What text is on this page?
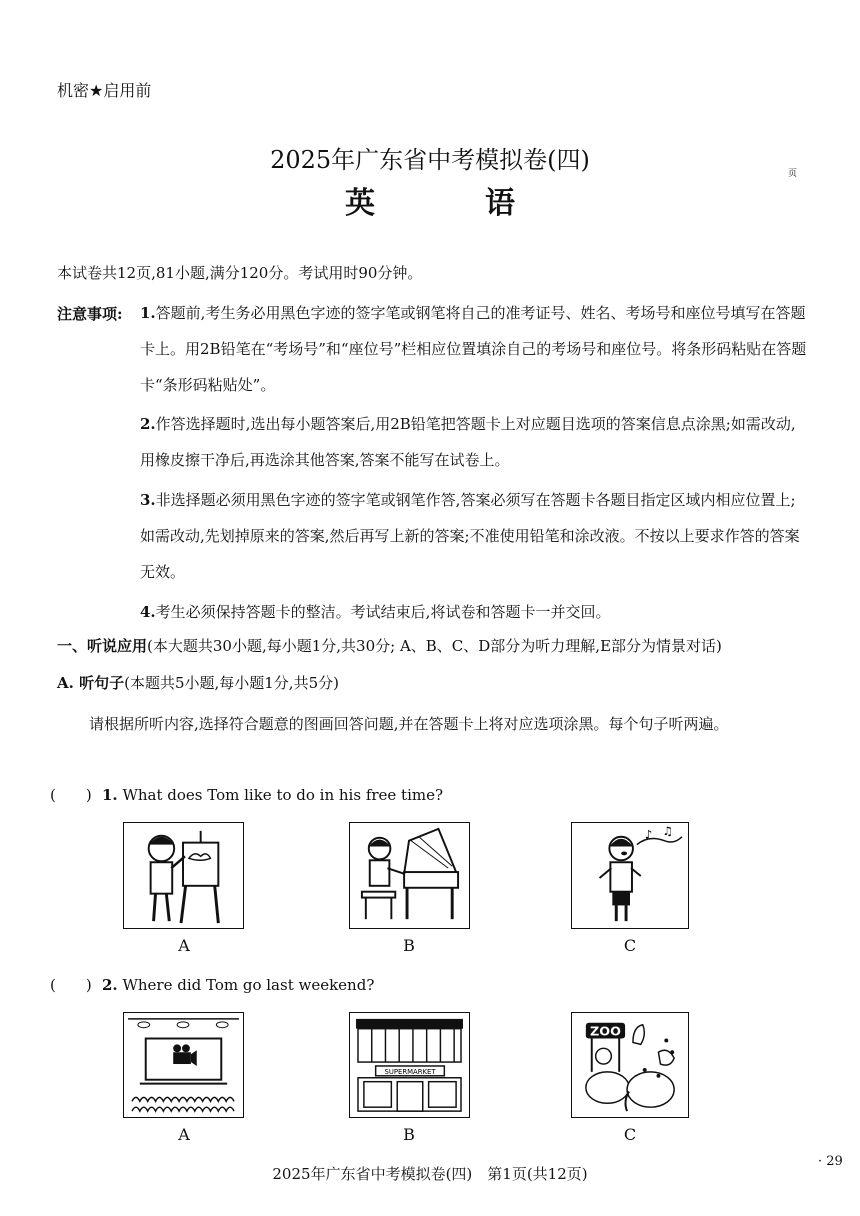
机密★启用前
2025年广东省中考模拟卷(四)
英　语
页
本试卷共12页,81小题,满分120分。考试用时90分钟。
注意事项: 1.答题前,考生务必用黑色字迹的签字笔或钢笔将自己的准考证号、姓名、考场号和座位号填写在答题卡上。用2B铅笔在“考场号”和“座位号”栏相应位置填涂自己的考场号和座位号。将条形码粘贴在答题卡“条形码粘贴处”。
2.作答选择题时,选出每小题答案后,用2B铅笔把答题卡上对应题目选项的答案信息点涂黑;如需改动,用橡皮擦干净后,再选涂其他答案,答案不能写在试卷上。
3.非选择题必须用黑色字迹的签字笔或钢笔作答,答案必须写在答题卡各题目指定区域内相应位置上;如需改动,先划掉原来的答案,然后再写上新的答案;不准使用铅笔和涂改液。不按以上要求作答的答案无效。
4.考生必须保持答题卡的整洁。考试结束后,将试卷和答题卡一并交回。
一、听说应用(本大题共30小题,每小题1分,共30分; A、B、C、D部分为听力理解,E部分为情景对话)
A. 听句子(本题共5小题,每小题1分,共5分)
请根据所听内容,选择符合题意的图画回答问题,并在答题卡上将对应选项涂黑。每个句子听两遍。
(　　) 1. What does Tom like to do in his free time?
♪ ♫
A	B	C
(　　) 2. Where did Tom go last weekend?
SUPERMARKET
ZOO
A	B	C
2025年广东省中考模拟卷(四)　第1页(共12页)
· 29
